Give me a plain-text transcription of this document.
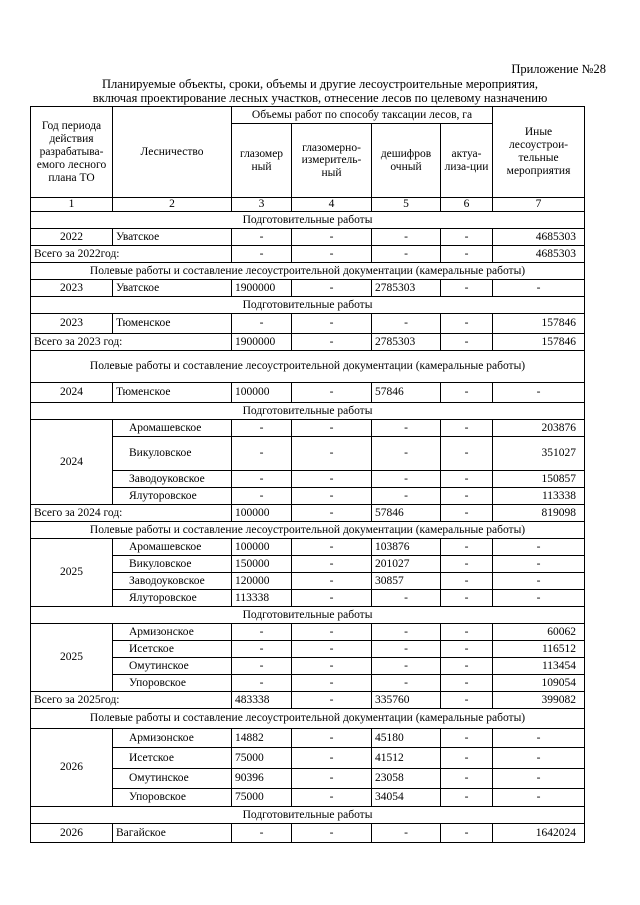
Приложение №28
Планируемые объекты, сроки, объемы и другие лесоустроительные мероприятия,
включая проектирование лесных участков, отнесение лесов по целевому назначению
Год периода действия разрабатыва-емого лесного плана ТО	Лесничество	Объемы работ по способу таксации лесов, га				Иные лесоустрои-тельные мероприятия
		глазомер ный	глазомерно-измеритель-ный	дешифров очный	актуа-лиза-ции	
1	2	3	4	5	6	7
Подготовительные работы						
2022	Уватское	-	-	-	-	4685303
Всего за 2022год:		-	-	-	-	4685303
Полевые работы и составление лесоустроительной документации (камеральные работы)						
2023	Уватское	1900000	-	2785303	-	-
Подготовительные работы						
2023	Тюменское	-	-	-	-	157846
Всего за 2023 год:		1900000	-	2785303	-	157846
Полевые работы и составление лесоустроительной документации (камеральные работы)						
2024	Тюменское	100000	-	57846	-	-
Подготовительные работы						
2024	Аромашевское	-	-	-	-	203876
	Викуловское	-	-	-	-	351027
	Заводоуковское	-	-	-	-	150857
	Ялуторовское	-	-	-	-	113338
Всего за 2024 год:		100000	-	57846	-	819098
Полевые работы и составление лесоустроительной документации (камеральные работы)						
2025	Аромашевское	100000	-	103876	-	-
	Викуловское	150000	-	201027	-	-
	Заводоуковское	120000	-	30857	-	-
	Ялуторовское	113338	-	-	-	-
Подготовительные работы						
2025	Армизонское	-	-	-	-	60062
	Исетское	-	-	-	-	116512
	Омутинское	-	-	-	-	113454
	Упоровское	-	-	-	-	109054
Всего за 2025год:		483338	-	335760	-	399082
Полевые работы и составление лесоустроительной документации (камеральные работы)						
2026	Армизонское	14882	-	45180	-	-
	Исетское	75000	-	41512	-	-
	Омутинское	90396	-	23058	-	-
	Упоровское	75000	-	34054	-	-
Подготовительные работы						
2026	Вагайское	-	-	-	-	1642024
